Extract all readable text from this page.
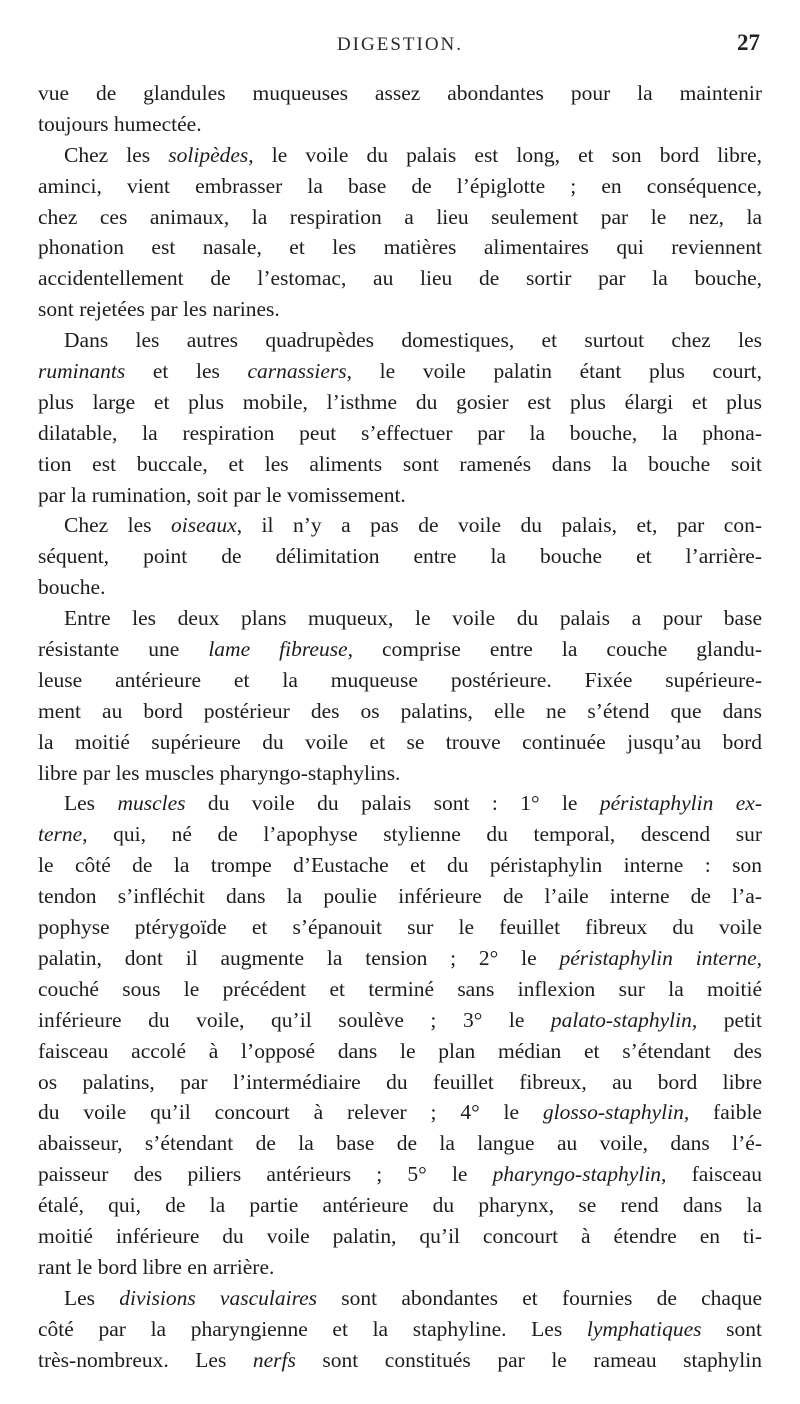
DIGESTION.	27
vue de glandules muqueuses assez abondantes pour la maintenir
toujours humectée.
Chez les solipèdes, le voile du palais est long, et son bord libre,
aminci, vient embrasser la base de l’épiglotte ; en conséquence,
chez ces animaux, la respiration a lieu seulement par le nez, la
phonation est nasale, et les matières alimentaires qui reviennent
accidentellement de l’estomac, au lieu de sortir par la bouche,
sont rejetées par les narines.
Dans les autres quadrupèdes domestiques, et surtout chez les
ruminants et les carnassiers, le voile palatin étant plus court,
plus large et plus mobile, l’isthme du gosier est plus élargi et plus
dilatable, la respiration peut s’effectuer par la bouche, la phona-
tion est buccale, et les aliments sont ramenés dans la bouche soit
par la rumination, soit par le vomissement.
Chez les oiseaux, il n’y a pas de voile du palais, et, par con-
séquent, point de délimitation entre la bouche et l’arrière-
bouche.
Entre les deux plans muqueux, le voile du palais a pour base
résistante une lame fibreuse, comprise entre la couche glandu-
leuse antérieure et la muqueuse postérieure. Fixée supérieure-
ment au bord postérieur des os palatins, elle ne s’étend que dans
la moitié supérieure du voile et se trouve continuée jusqu’au bord
libre par les muscles pharyngo-staphylins.
Les muscles du voile du palais sont : 1° le péristaphylin ex-
terne, qui, né de l’apophyse stylienne du temporal, descend sur
le côté de la trompe d’Eustache et du péristaphylin interne : son
tendon s’infléchit dans la poulie inférieure de l’aile interne de l’a-
pophyse ptérygoïde et s’épanouit sur le feuillet fibreux du voile
palatin, dont il augmente la tension ; 2° le péristaphylin interne,
couché sous le précédent et terminé sans inflexion sur la moitié
inférieure du voile, qu’il soulève ; 3° le palato-staphylin, petit
faisceau accolé à l’opposé dans le plan médian et s’étendant des
os palatins, par l’intermédiaire du feuillet fibreux, au bord libre
du voile qu’il concourt à relever ; 4° le glosso-staphylin, faible
abaisseur, s’étendant de la base de la langue au voile, dans l’é-
paisseur des piliers antérieurs ; 5° le pharyngo-staphylin, faisceau
étalé, qui, de la partie antérieure du pharynx, se rend dans la
moitié inférieure du voile palatin, qu’il concourt à étendre en ti-
rant le bord libre en arrière.
Les divisions vasculaires sont abondantes et fournies de chaque
côté par la pharyngienne et la staphyline. Les lymphatiques sont
très-nombreux. Les nerfs sont constitués par le rameau staphylin
